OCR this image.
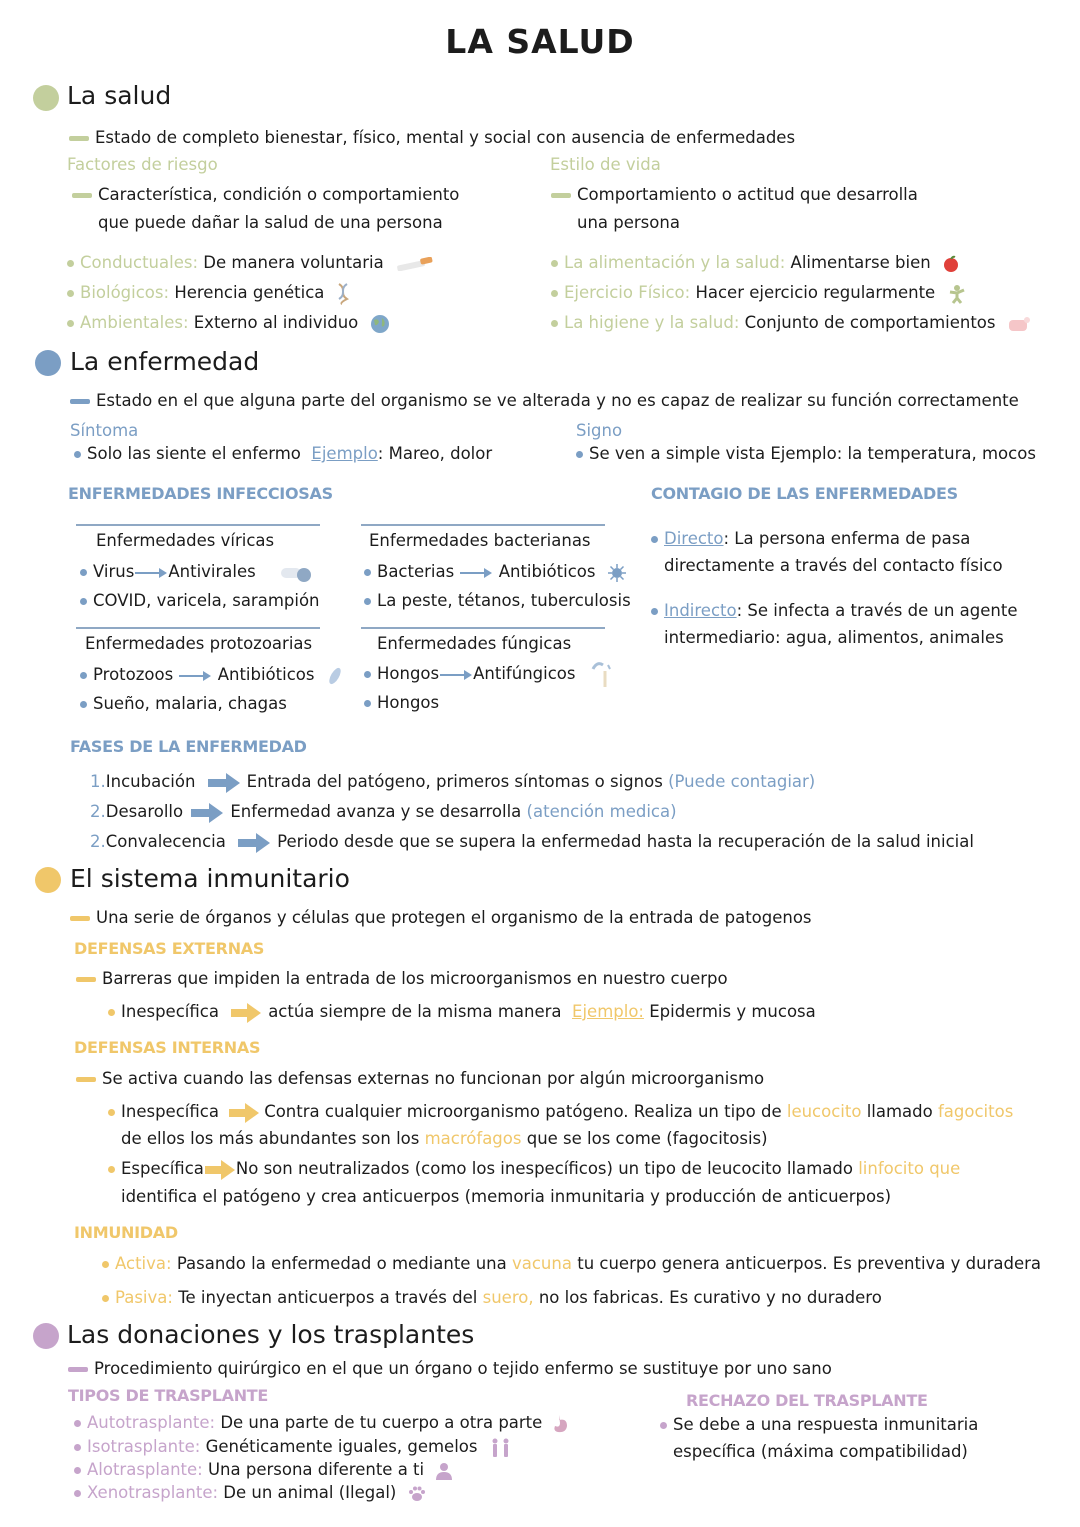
LA SALUD
La salud
Estado de completo bienestar, físico, mental y social con ausencia de enfermedades
Factores de riesgo
Característica, condición o comportamiento
que puede dañar la salud de una persona
Conductuales: De manera voluntaria
Biológicos: Herencia genética
Ambientales: Externo al individuo
Estilo de vida
Comportamiento o actitud que desarrolla
una persona
La alimentación y la salud: Alimentarse bien
Ejercicio Físico: Hacer ejercicio regularmente
La higiene y la salud: Conjunto de comportamientos
La enfermedad
Estado en el que alguna parte del organismo se ve alterada y no es capaz de realizar su función correctamente
Síntoma
Solo las siente el enfermo Ejemplo: Mareo, dolor
Signo
Se ven a simple vista Ejemplo: la temperatura, mocos
ENFERMEDADES INFECCIOSAS
Enfermedades víricas
Virus Antivirales
COVID, varicela, sarampión
Enfermedades bacterianas
Bacterias	Antibióticos
La peste, tétanos, tuberculosis
Enfermedades protozoarias
Protozoos	Antibióticos
Sueño, malaria, chagas
Enfermedades fúngicas
Hongos Antifúngicos
Hongos
CONTAGIO DE LAS ENFERMEDADES
Directo: La persona enferma de pasa
directamente a través del contacto físico
Indirecto: Se infecta a través de un agente
intermediario: agua, alimentos, animales
FASES DE LA ENFERMEDAD
1.Incubación	Entrada del patógeno, primeros síntomas o signos (Puede contagiar)
2.Desarollo	Enfermedad avanza y se desarrolla (atención medica)
2.Convalecencia	Periodo desde que se supera la enfermedad hasta la recuperación de la salud inicial
El sistema inmunitario
Una serie de órganos y células que protegen el organismo de la entrada de patogenos
DEFENSAS EXTERNAS
Barreras que impiden la entrada de los microorganismos en nuestro cuerpo
Inespecífica	actúa siempre de la misma manera Ejemplo: Epidermis y mucosa
DEFENSAS INTERNAS
Se activa cuando las defensas externas no funcionan por algún microorganismo
Inespecífica	Contra cualquier microorganismo patógeno. Realiza un tipo de leucocito llamado fagocitos
de ellos los más abundantes son los macrófagos que se los come (fagocitosis)
Específica No son neutralizados (como los inespecíficos) un tipo de leucocito llamado linfocito que
identifica el patógeno y crea anticuerpos (memoria inmunitaria y producción de anticuerpos)
INMUNIDAD
Activa: Pasando la enfermedad o mediante una vacuna tu cuerpo genera anticuerpos. Es preventiva y duradera
Pasiva: Te inyectan anticuerpos a través del suero, no los fabricas. Es curativo y no duradero
Las donaciones y los trasplantes
Procedimiento quirúrgico en el que un órgano o tejido enfermo se sustituye por uno sano
TIPOS DE TRASPLANTE
Autotrasplante: De una parte de tu cuerpo a otra parte
Isotrasplante: Genéticamente iguales, gemelos
Alotrasplante: Una persona diferente a ti
Xenotrasplante: De un animal (Ilegal)
RECHAZO DEL TRASPLANTE
Se debe a una respuesta inmunitaria
específica (máxima compatibilidad)
